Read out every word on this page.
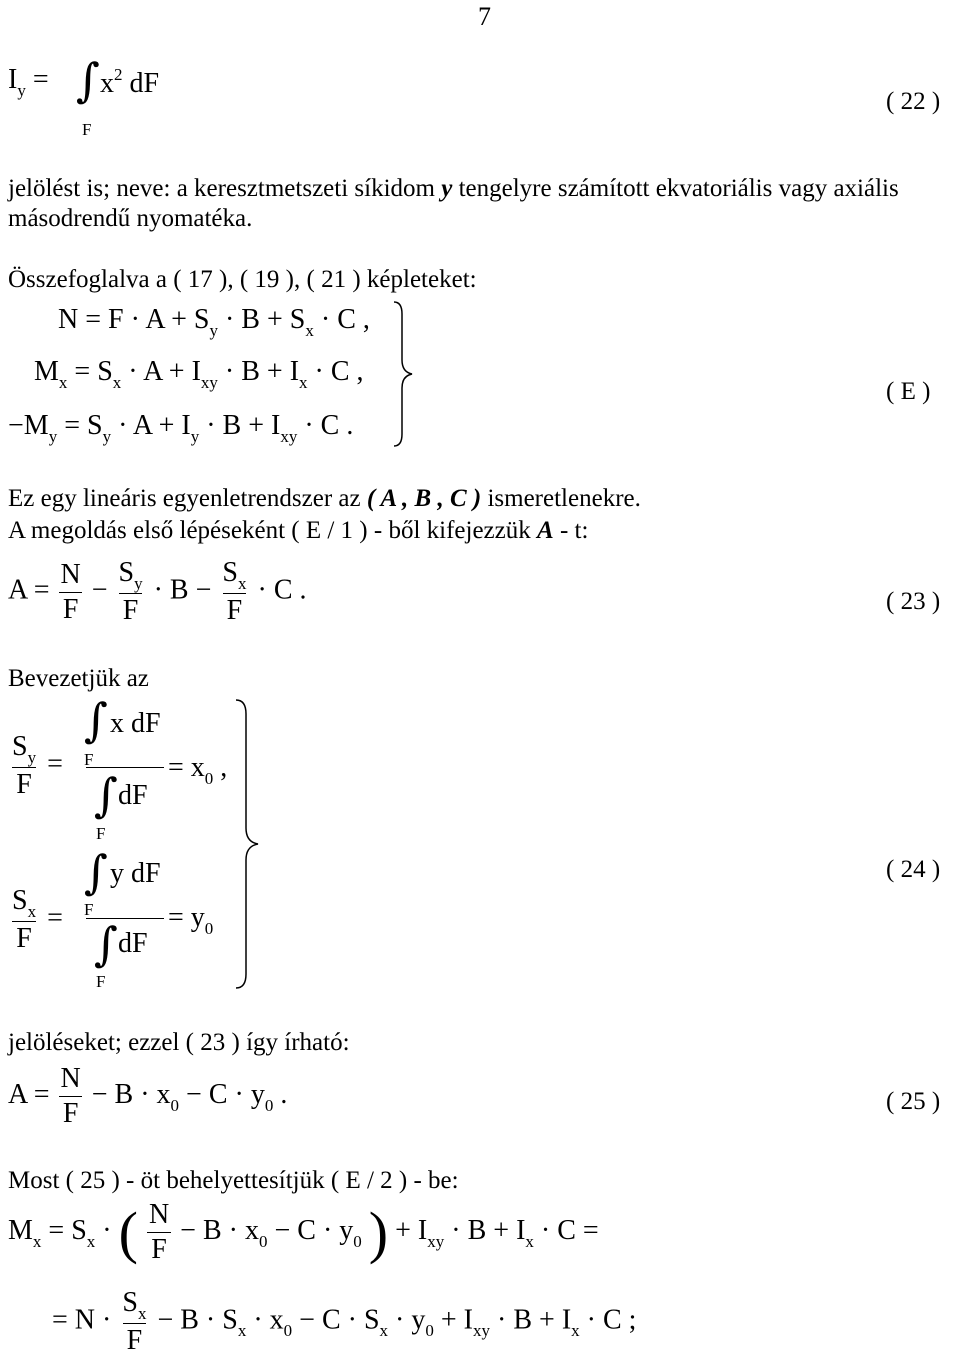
7
$I_y$ = ∫
F
$x^2$ dF
( 22 )
jelölést is; neve: a keresztmetszeti síkidom y tengelyre számított ekvatoriális vagy axiális
másodrendű nyomatéka.
Összefoglalva a ( 17 ), ( 19 ), ( 21 ) képleteket:
$N = F \cdot A + S_y \cdot B + S_x \cdot C$ ,
$M_x = S_x \cdot A + I_{xy} \cdot B + I_x \cdot C$ ,
$-M_y = S_y \cdot A + I_y \cdot B + I_{xy} \cdot C$ .
( E )
Ez egy lineáris egyenletrendszer az ( A , B , C ) ismeretlenekre.
A megoldás első lépéseként ( E / 1 ) - ből kifejezzük A - t:
$A = \frac{N}{F} - \frac{S_y}{F} \cdot B - \frac{S_x}{F} \cdot C$ .	( 23 )
Bevezetjük az
$\frac{S_y}{F}$ =
∫ x dF
F
∫ dF
F
= $x_0$ ,
$\frac{S_x}{F}$ =
∫ y dF
F
∫ dF
F
= $y_0$
( 24 )
jelöléseket; ezzel ( 23 ) így írható:
$A = \frac{N}{F} - B \cdot x_0 - C \cdot y_0$ .	( 25 )
Most ( 25 ) - öt behelyettesítjük ( E / 2 ) - be:
$M_x = S_x$ · ( $\frac{N}{F} - B \cdot x_0 - C \cdot y_0$ ) + $I_{xy} \cdot B + I_x \cdot C$ =
= $N \cdot \frac{S_x}{F} - B \cdot S_x \cdot x_0 - C \cdot S_x \cdot y_0 + I_{xy} \cdot B + I_x \cdot C$ ;
